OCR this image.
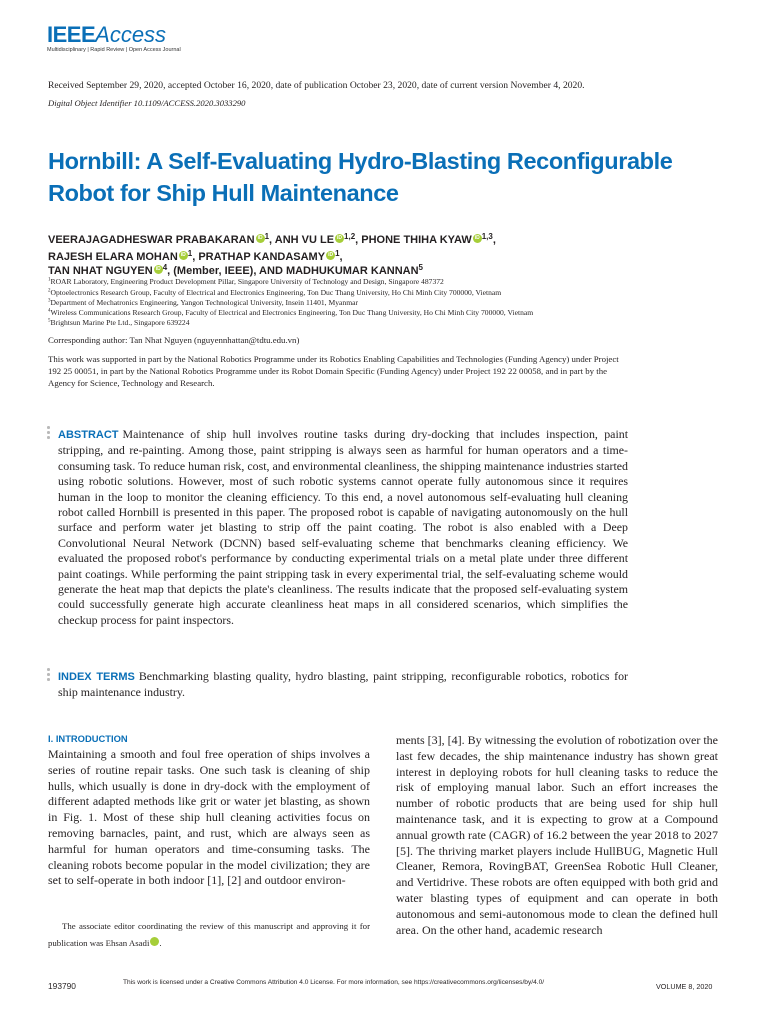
IEEEAccess
Multidisciplinary | Rapid Review | Open Access Journal
Received September 29, 2020, accepted October 16, 2020, date of publication October 23, 2020, date of current version November 4, 2020.
Digital Object Identifier 10.1109/ACCESS.2020.3033290
Hornbill: A Self-Evaluating Hydro-Blasting Reconfigurable Robot for Ship Hull Maintenance
VEERAJAGADHESWAR PRABAKARAN iD $^1$, ANH VU LE iD $^{1,2}$, PHONE THIHA KYAW iD $^{1,3}$,
RAJESH ELARA MOHAN iD $^1$, PRATHAP KANDASAMY iD $^1$,
TAN NHAT NGUYEN iD $^4$, (Member, IEEE), AND MADHUKUMAR KANNAN$^5$
$^1$ROAR Laboratory, Engineering Product Development Pillar, Singapore University of Technology and Design, Singapore 487372
$^2$Optoelectronics Research Group, Faculty of Electrical and Electronics Engineering, Ton Duc Thang University, Ho Chi Minh City 700000, Vietnam
$^3$Department of Mechatronics Engineering, Yangon Technological University, Insein 11401, Myanmar
$^4$Wireless Communications Research Group, Faculty of Electrical and Electronics Engineering, Ton Duc Thang University, Ho Chi Minh City 700000, Vietnam
$^5$Brightsun Marine Pte Ltd., Singapore 639224
Corresponding author: Tan Nhat Nguyen (nguyennhattan@tdtu.edu.vn)
This work was supported in part by the National Robotics Programme under its Robotics Enabling Capabilities and Technologies (Funding Agency) under Project 192 25 00051, in part by the National Robotics Programme under its Robot Domain Specific (Funding Agency) under Project 192 22 00058, and in part by the Agency for Science, Technology and Research.
ABSTRACT Maintenance of ship hull involves routine tasks during dry-docking that includes inspection, paint stripping, and re-painting. Among those, paint stripping is always seen as harmful for human operators and a time-consuming task. To reduce human risk, cost, and environmental cleanliness, the shipping maintenance industries started using robotic solutions. However, most of such robotic systems cannot operate fully autonomous since it requires human in the loop to monitor the cleaning efficiency. To this end, a novel autonomous self-evaluating hull cleaning robot called Hornbill is presented in this paper. The proposed robot is capable of navigating autonomously on the hull surface and perform water jet blasting to strip off the paint coating. The robot is also enabled with a Deep Convolutional Neural Network (DCNN) based self-evaluating scheme that benchmarks cleaning efficiency. We evaluated the proposed robot's performance by conducting experimental trials on a metal plate under three different paint coatings. While performing the paint stripping task in every experimental trial, the self-evaluating scheme would generate the heat map that depicts the plate's cleanliness. The results indicate that the proposed self-evaluating system could successfully generate high accurate cleanliness heat maps in all considered scenarios, which simplifies the checkup process for paint inspectors.
INDEX TERMS Benchmarking blasting quality, hydro blasting, paint stripping, reconfigurable robotics, robotics for ship maintenance industry.
I. INTRODUCTION
Maintaining a smooth and foul free operation of ships involves a series of routine repair tasks. One such task is cleaning of ship hulls, which usually is done in dry-dock with the employment of different adapted methods like grit or water jet blasting, as shown in Fig. 1. Most of these ship hull cleaning activities focus on removing barnacles, paint, and rust, which are always seen as harmful for human operators and time-consuming tasks. The cleaning robots become popular in the model civilization; they are set to self-operate in both indoor [1], [2] and outdoor environ-
ments [3], [4]. By witnessing the evolution of robotization over the last few decades, the ship maintenance industry has shown great interest in deploying robots for hull cleaning tasks to reduce the risk of employing manual labor. Such an effort increases the number of robotic products that are being used for ship hull maintenance task, and it is expecting to grow at a Compound annual growth rate (CAGR) of 16.2 between the year 2018 to 2027 [5]. The thriving market players include HullBUG, Magnetic Hull Cleaner, Remora, RovingBAT, GreenSea Robotic Hull Cleaner, and Vertidrive. These robots are often equipped with both grid and water blasting types of equipment and can operate in both autonomous and semi-autonomous mode to clean the defined hull area. On the other hand, academic research
The associate editor coordinating the review of this manuscript and approving it for publication was Ehsan Asadi	iD.
193790	This work is licensed under a Creative Commons Attribution 4.0 License. For more information, see https://creativecommons.org/licenses/by/4.0/	VOLUME 8, 2020
